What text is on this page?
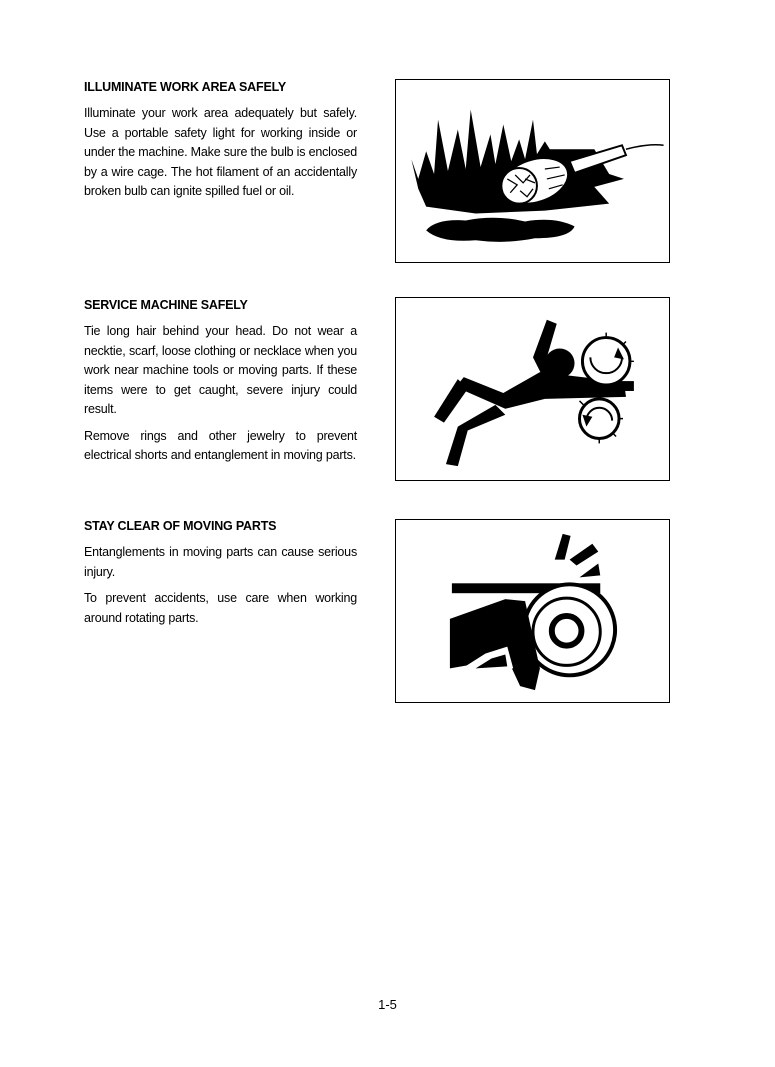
ILLUMINATE WORK AREA SAFELY

Illuminate your work area adequately but safely. Use a portable safety light for working inside or under the machine. Make sure the bulb is enclosed by a wire cage. The hot filament of an accidentally broken bulb can ignite spilled fuel or oil.

SERVICE MACHINE SAFELY

Tie long hair behind your head. Do not wear a necktie, scarf, loose clothing or necklace when you work near machine tools or moving parts. If these items were to get caught, severe injury could result.

Remove rings and other jewelry to prevent electrical shorts and entanglement in moving parts.

STAY CLEAR OF MOVING PARTS

Entanglements in moving parts can cause serious injury.

To prevent accidents, use care when working around rotating parts.

1-5
